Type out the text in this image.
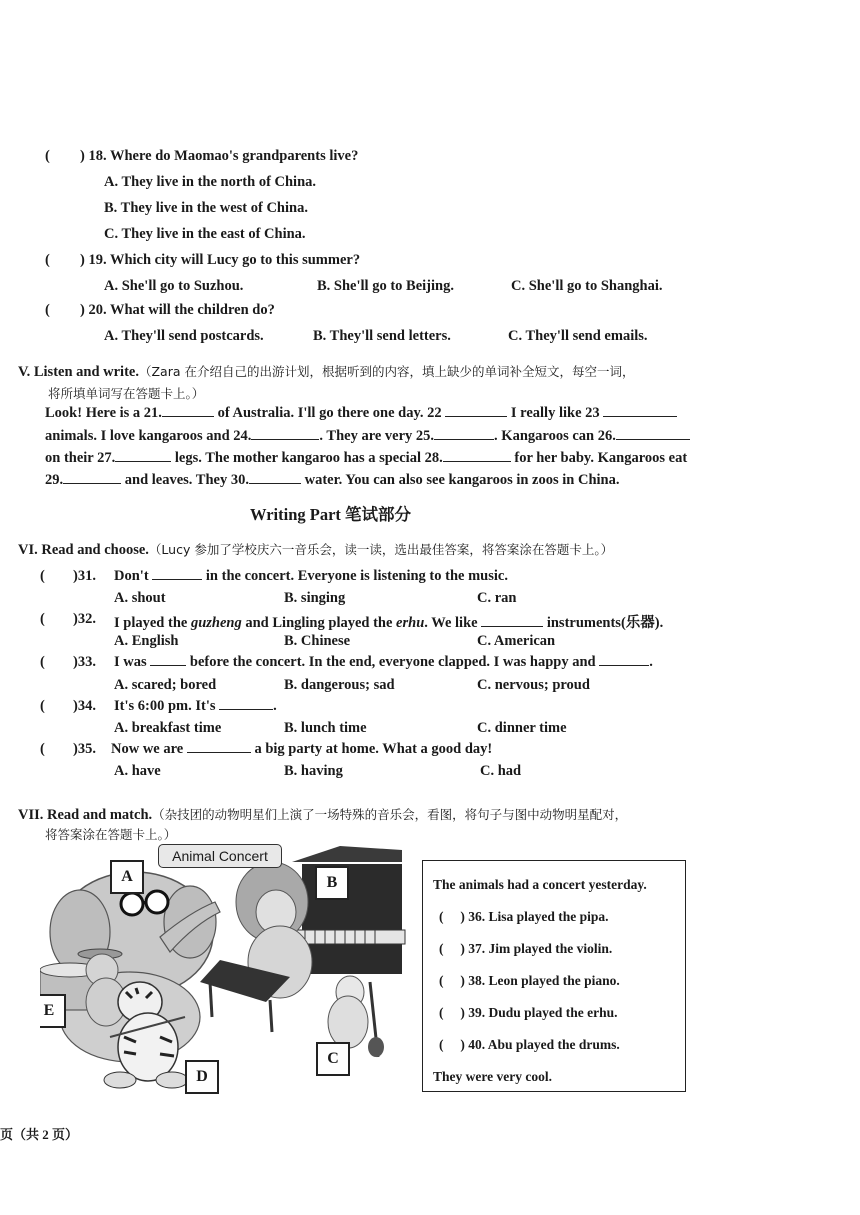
( ) 18. Where do Maomao's grandparents live?
A. They live in the north of China.
B. They live in the west of China.
C. They live in the east of China.
( ) 19. Which city will Lucy go to this summer?
A. She'll go to Suzhou.	B. She'll go to Beijing.	C. She'll go to Shanghai.
( ) 20. What will the children do?
A. They'll send postcards.	B. They'll send letters.	C. They'll send emails.
V. Listen and write.（Zara 在介绍自己的出游计划，根据听到的内容，填上缺少的单词补全短文，每空一词，
将所填单词写在答题卡上。）
Look! Here is a 21.	of Australia. I'll go there one day. 22	I really like 23
animals. I love kangaroos and 24.	. They are very 25.	. Kangaroos can 26.
on their 27.	legs. The mother kangaroo has a special 28.	for her baby. Kangaroos eat
29.	and leaves. They 30.	water. You can also see kangaroos in zoos in China.
Writing Part 笔试部分
VI. Read and choose.（Lucy 参加了学校庆六一音乐会，读一读，选出最佳答案，将答案涂在答题卡上。）
( )31. Don't	in the concert. Everyone is listening to the music.
A. shout	B. singing	C. ran
( )32. I played the guzheng and Lingling played the erhu. We like	instruments(乐器).
A. English	B. Chinese	C. American
( )33. I was	before the concert. In the end, everyone clapped. I was happy and	.
A. scared; bored	B. dangerous; sad	C. nervous; proud
( )34. It's 6:00 pm. It's	.
A. breakfast time	B. lunch time	C. dinner time
( )35. Now we are	a big party at home. What a good day!
A. have	B. having	C. had
VII. Read and match.（杂技团的动物明星们上演了一场特殊的音乐会，看图，将句子与图中动物明星配对，
将答案涂在答题卡上。）
Animal Concert
A	B
C
D
E
The animals had a concert yesterday.
(     ) 36. Lisa played the pipa.
(     ) 37. Jim played the violin.
(     ) 38. Leon played the piano.
(     ) 39. Dudu played the erhu.
(     ) 40. Abu played the drums.
They were very cool.
页（共 2 页）
